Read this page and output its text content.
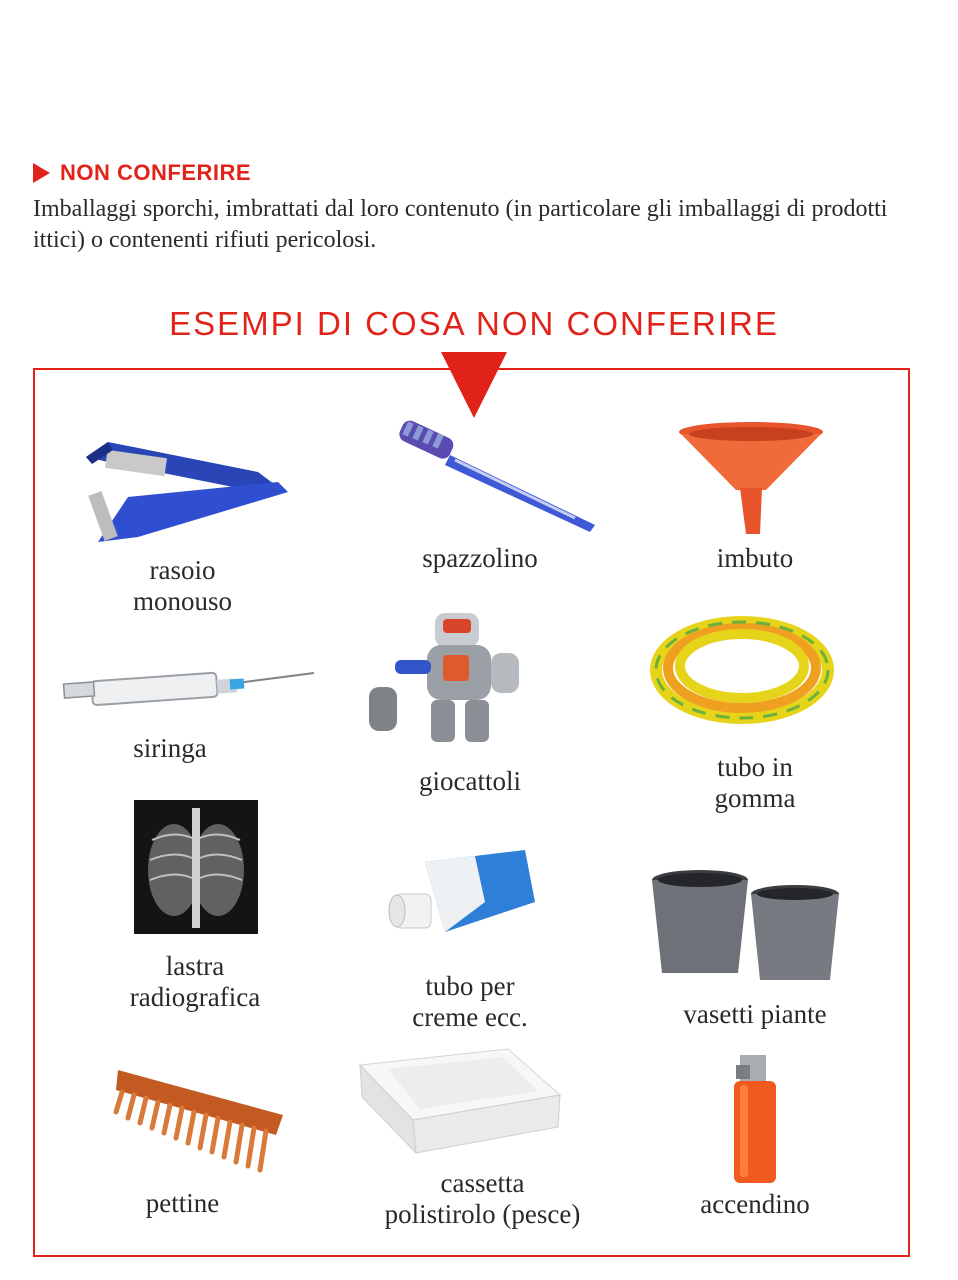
NON CONFERIRE
Imballaggi sporchi, imbrattati dal loro contenuto (in particolare gli imballaggi di prodotti ittici) o contenenti rifiuti pericolosi.
ESEMPI DI COSA NON CONFERIRE
rasoio
monouso
spazzolino	imbuto
siringa
giocattoli	tubo in
gomma
lastra
radiografica	tubo per
creme ecc.	vasetti piante
pettine
cassetta
polistirolo (pesce)	accendino
